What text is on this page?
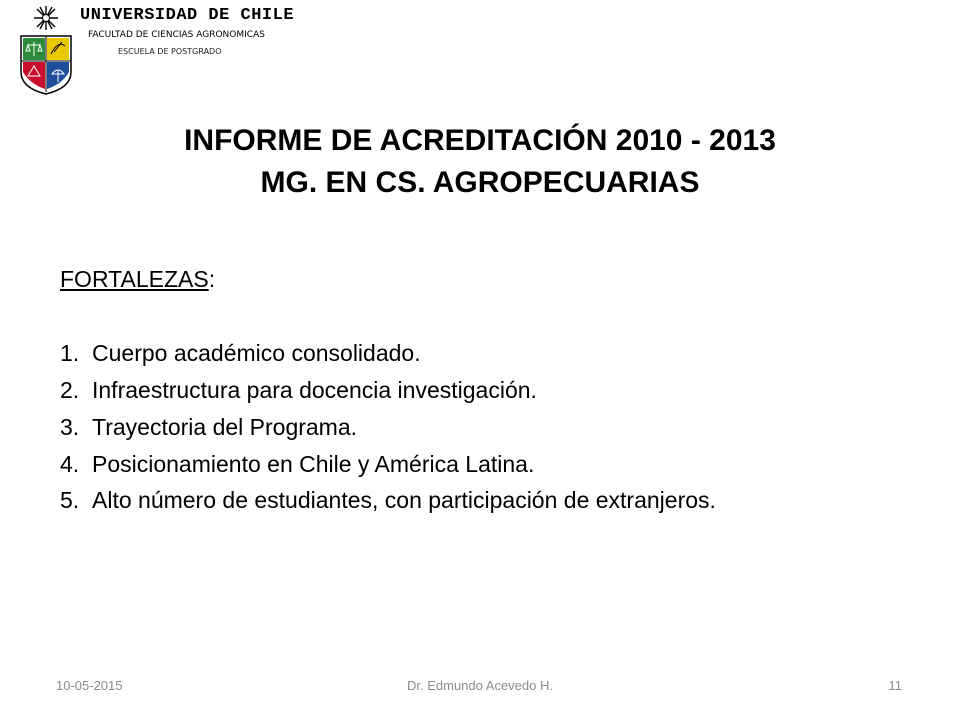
UNIVERSIDAD DE CHILE
FACULTAD DE CIENCIAS AGRONOMICAS
ESCUELA DE POSTGRADO
INFORME DE ACREDITACIÓN 2010 - 2013
MG. EN CS. AGROPECUARIAS
FORTALEZAS:
1. Cuerpo académico consolidado.
2. Infraestructura para docencia investigación.
3. Trayectoria del Programa.
4. Posicionamiento en Chile y América Latina.
5. Alto número de estudiantes, con participación de extranjeros.
10-05-2015	Dr. Edmundo Acevedo H.	11
